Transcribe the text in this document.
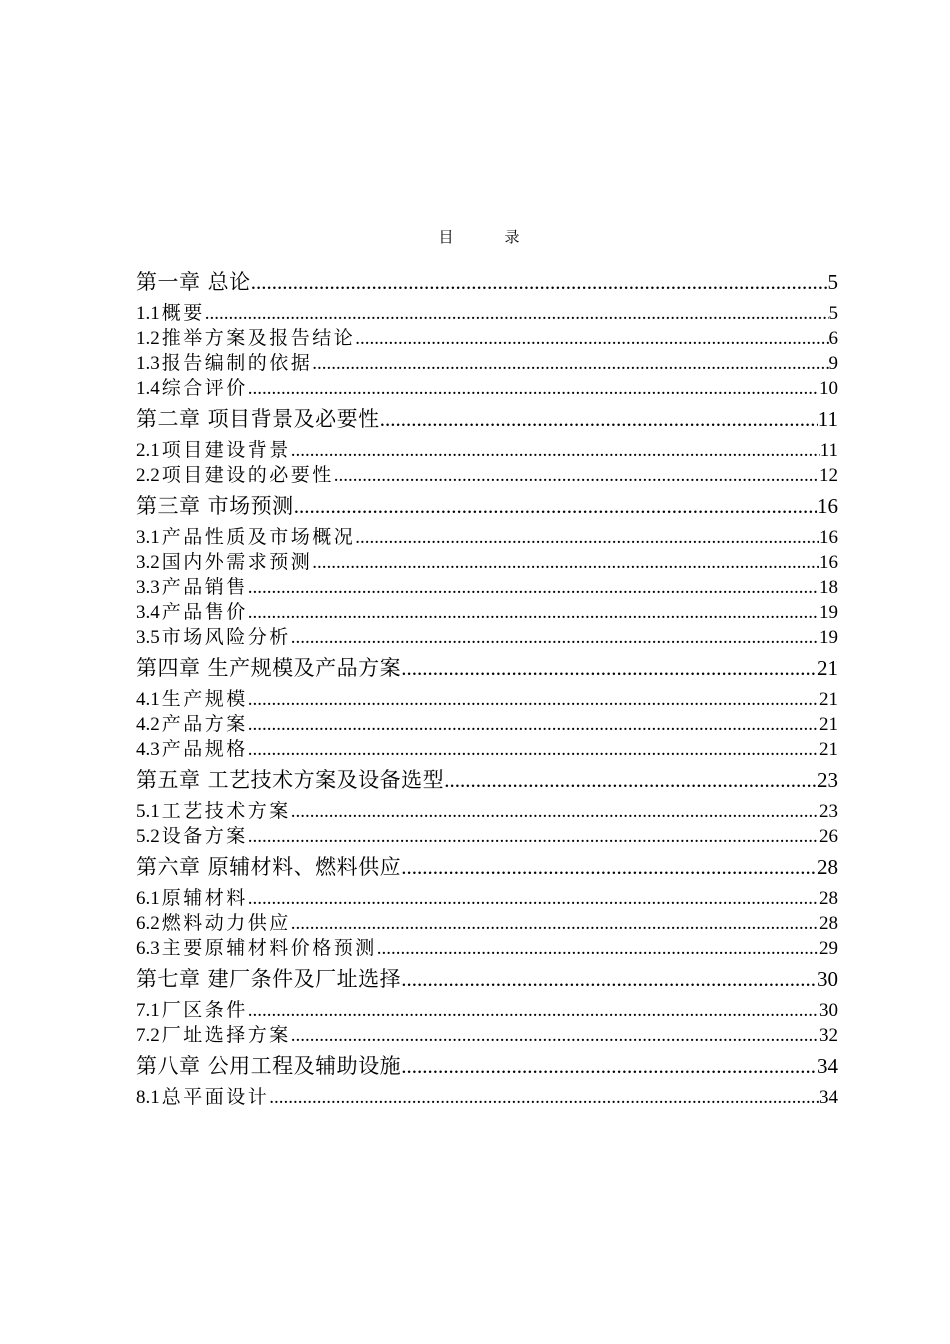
目　录
第一章 总论 .....	5
1.1 概要 .....	5
1.2 推举方案及报告结论 .....	6
1.3 报告编制的依据 .....	9
1.4 综合评价 .....	10
第二章 项目背景及必要性 .....	11
2.1 项目建设背景 .....	11
2.2 项目建设的必要性 .....	12
第三章 市场预测 .....	16
3.1 产品性质及市场概况 .....	16
3.2 国内外需求预测 .....	16
3.3 产品销售 .....	18
3.4 产品售价 .....	19
3.5 市场风险分析 .....	19
第四章 生产规模及产品方案 .....	21
4.1 生产规模 .....	21
4.2 产品方案 .....	21
4.3 产品规格 .....	21
第五章 工艺技术方案及设备选型 .....	23
5.1 工艺技术方案 .....	23
5.2 设备方案 .....	26
第六章 原辅材料、燃料供应 .....	28
6.1 原辅材料 .....	28
6.2 燃料动力供应 .....	28
6.3 主要原辅材料价格预测 .....	29
第七章 建厂条件及厂址选择 .....	30
7.1 厂区条件 .....	30
7.2 厂址选择方案 .....	32
第八章 公用工程及辅助设施 .....	34
8.1 总平面设计 .....	34
